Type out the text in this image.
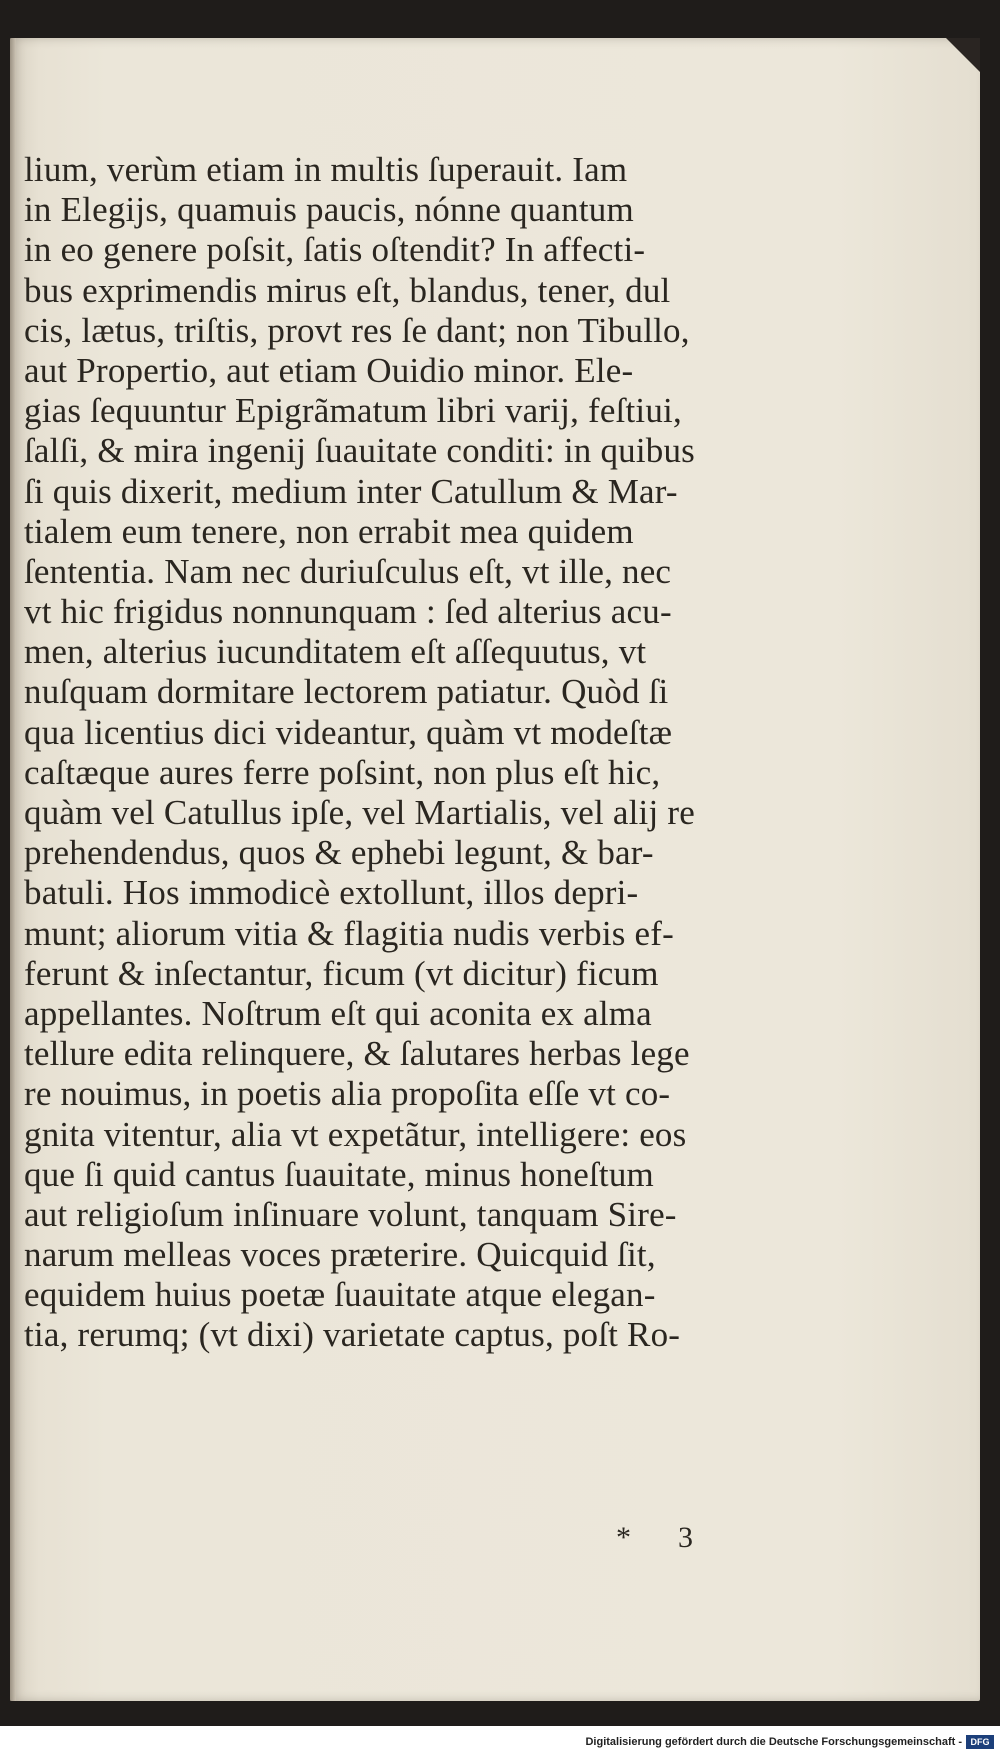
lium, verùm etiam in multis ſuperauit. Iam
in Elegijs, quamuis paucis, nónne quantum
in eo genere poſsit, ſatis oſtendit? In affecti-
bus exprimendis mirus eſt, blandus, tener, dul
cis, lætus, triſtis, provt res ſe dant; non Tibullo,
aut Propertio, aut etiam Ouidio minor. Ele-
gias ſequuntur Epigrãmatum libri varij, feſtiui,
ſalſi, & mira ingenij ſuauitate conditi: in quibus
ſi quis dixerit, medium inter Catullum & Mar-
tialem eum tenere, non errabit mea quidem
ſententia. Nam nec duriuſculus eſt, vt ille, nec
vt hic frigidus nonnunquam : ſed alterius acu-
men, alterius iucunditatem eſt aſſequutus, vt
nuſquam dormitare lectorem patiatur. Quòd ſi
qua licentius dici videantur, quàm vt modeſtæ
caſtæque aures ferre poſsint, non plus eſt hic,
quàm vel Catullus ipſe, vel Martialis, vel alij re
prehendendus, quos & ephebi legunt, & bar-
batuli. Hos immodicè extollunt, illos depri-
munt; aliorum vitia & flagitia nudis verbis ef-
ferunt & inſectantur, ficum (vt dicitur) ficum
appellantes. Noſtrum eſt qui aconita ex alma
tellure edita relinquere, & ſalutares herbas lege
re nouimus, in poetis alia propoſita eſſe vt co-
gnita vitentur, alia vt expetãtur, intelligere: eos
que ſi quid cantus ſuauitate, minus honeſtum
aut religioſum inſinuare volunt, tanquam Sire-
narum melleas voces præterire. Quicquid ſit,
equidem huius poetæ ſuauitate atque elegan-
tia, rerumq; (vt dixi) varietate captus, poſt Ro-
* 3
Digitalisierung gefördert durch die Deutsche Forschungsgemeinschaft - DFG
